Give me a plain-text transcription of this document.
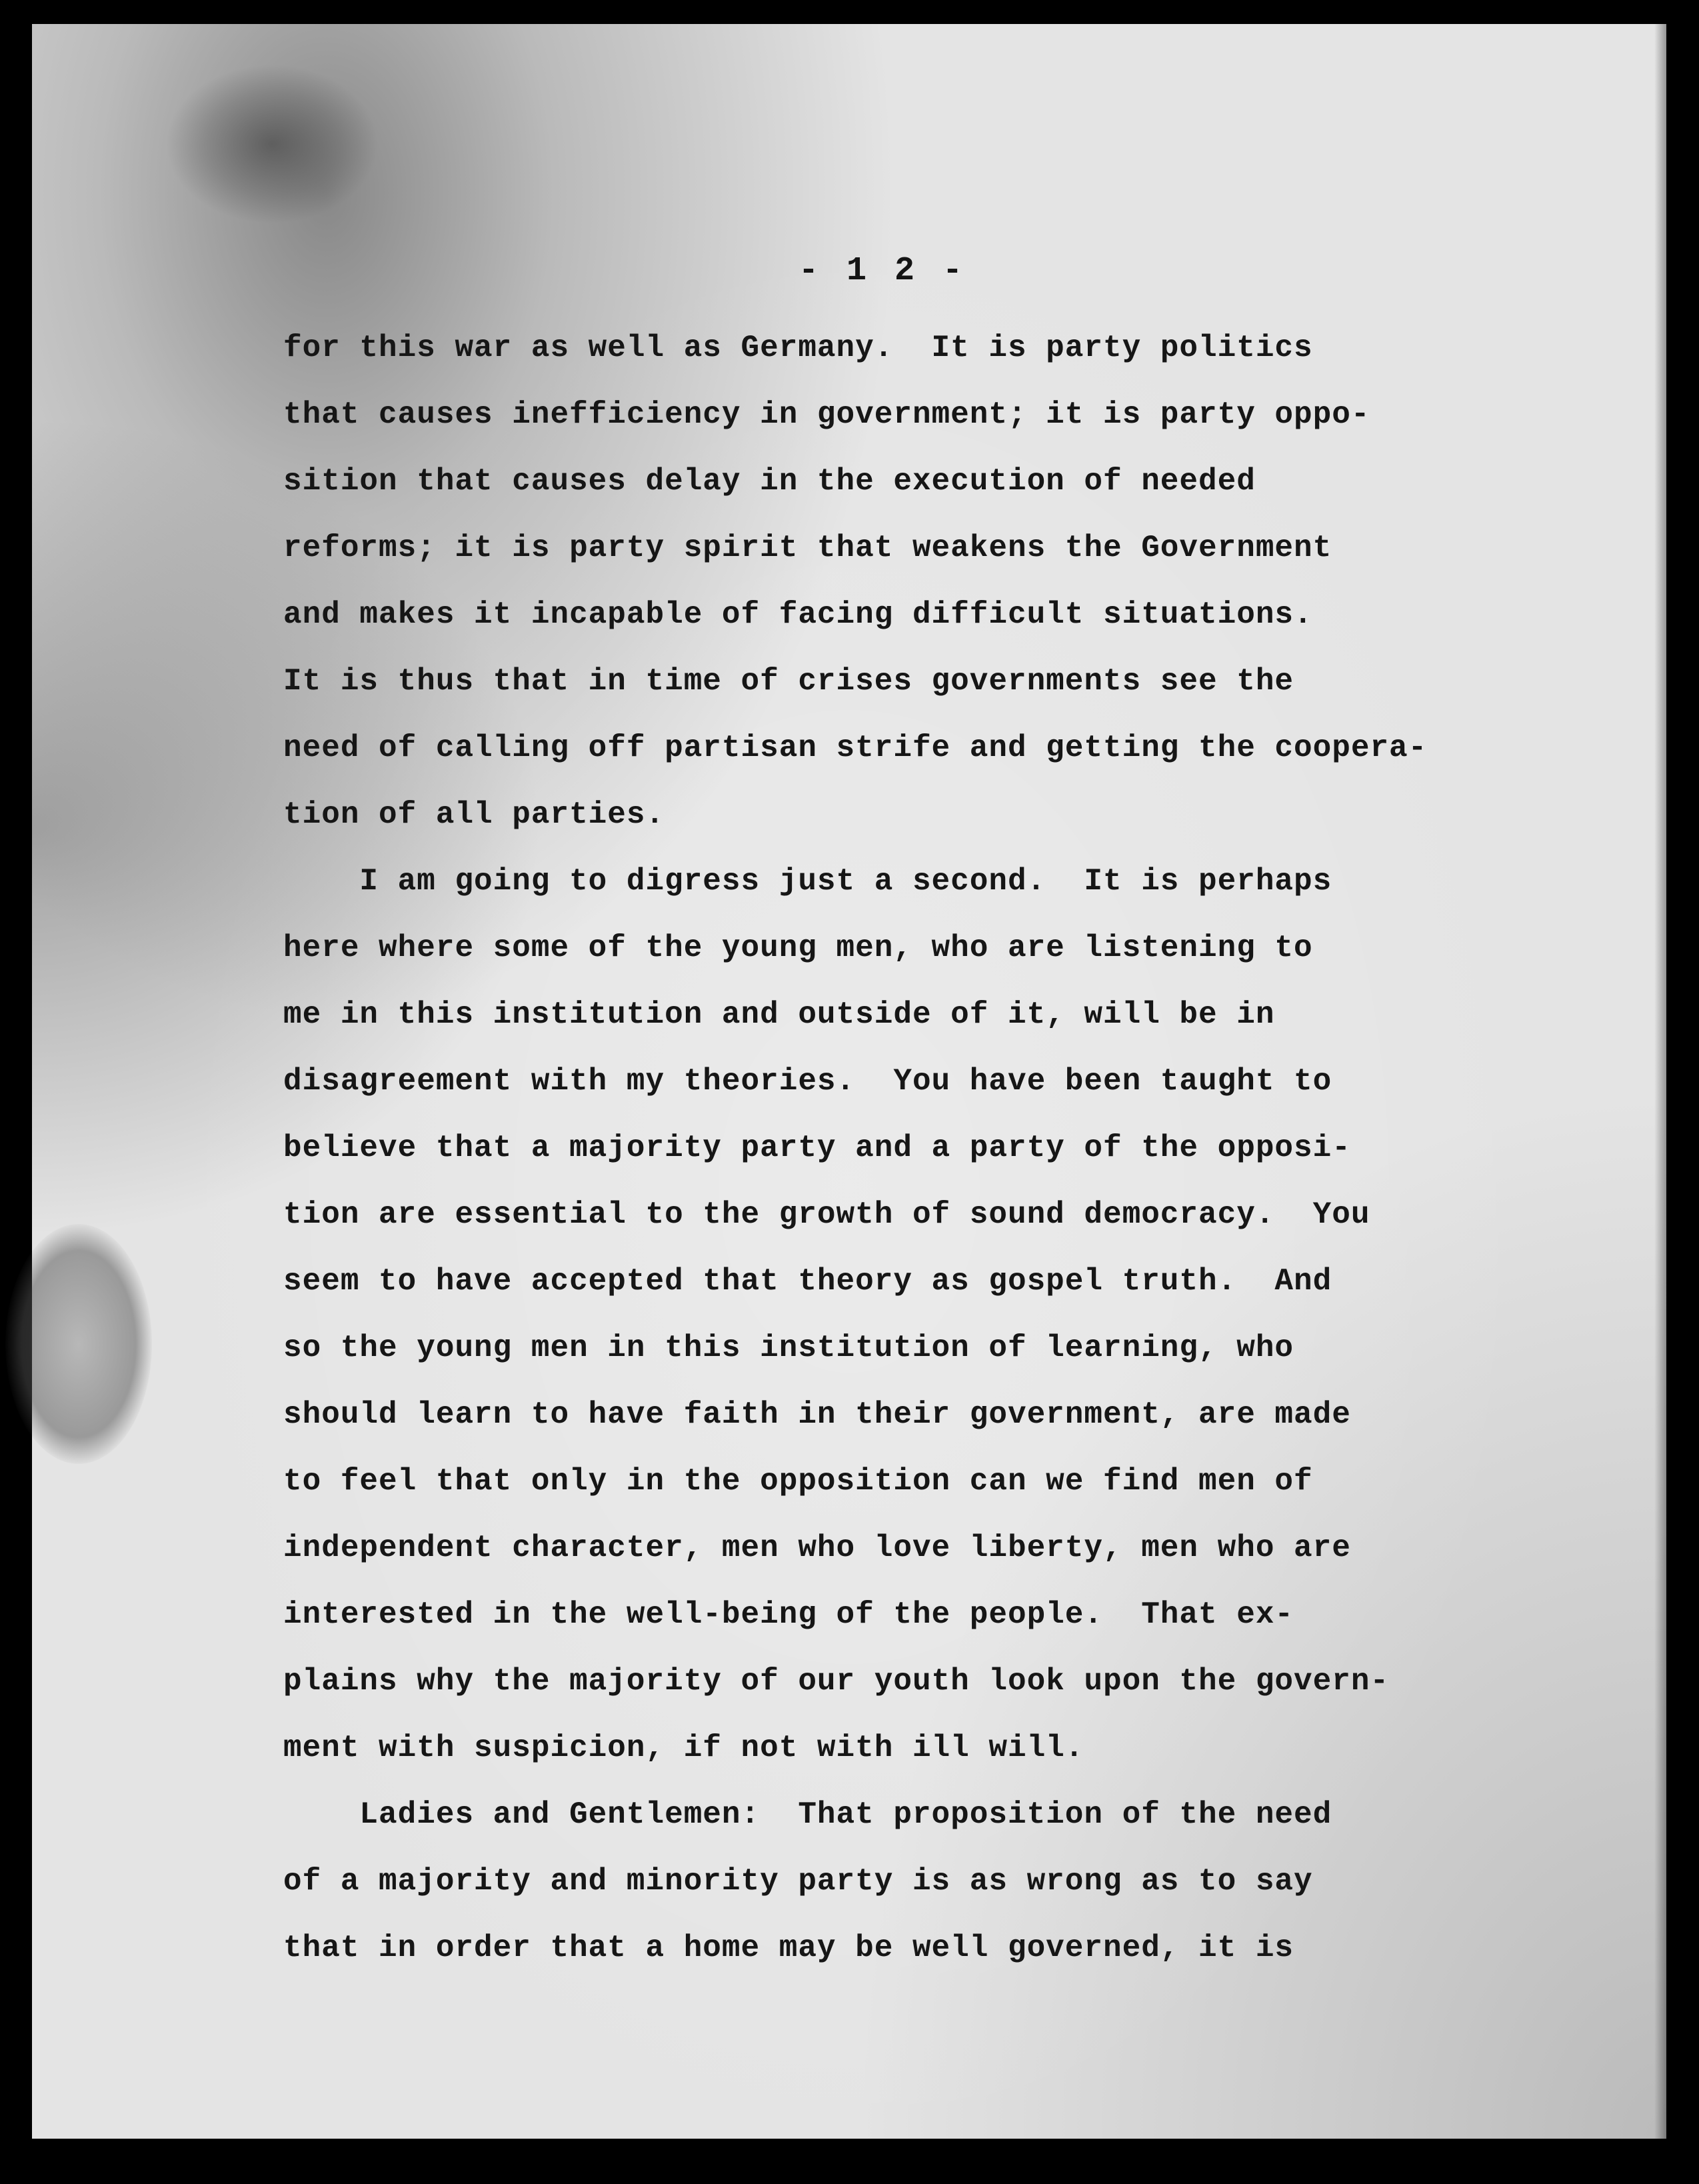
- 1 2 -
for this war as well as Germany.  It is party politics
that causes inefficiency in government; it is party oppo-
sition that causes delay in the execution of needed
reforms; it is party spirit that weakens the Government
and makes it incapable of facing difficult situations.
It is thus that in time of crises governments see the
need of calling off partisan strife and getting the coopera-
tion of all parties.
I am going to digress just a second.  It is perhaps
here where some of the young men, who are listening to
me in this institution and outside of it, will be in
disagreement with my theories.  You have been taught to
believe that a majority party and a party of the opposi-
tion are essential to the growth of sound democracy.  You
seem to have accepted that theory as gospel truth.  And
so the young men in this institution of learning, who
should learn to have faith in their government, are made
to feel that only in the opposition can we find men of
independent character, men who love liberty, men who are
interested in the well-being of the people.  That ex-
plains why the majority of our youth look upon the govern-
ment with suspicion, if not with ill will.
Ladies and Gentlemen:  That proposition of the need
of a majority and minority party is as wrong as to say
that in order that a home may be well governed, it is
